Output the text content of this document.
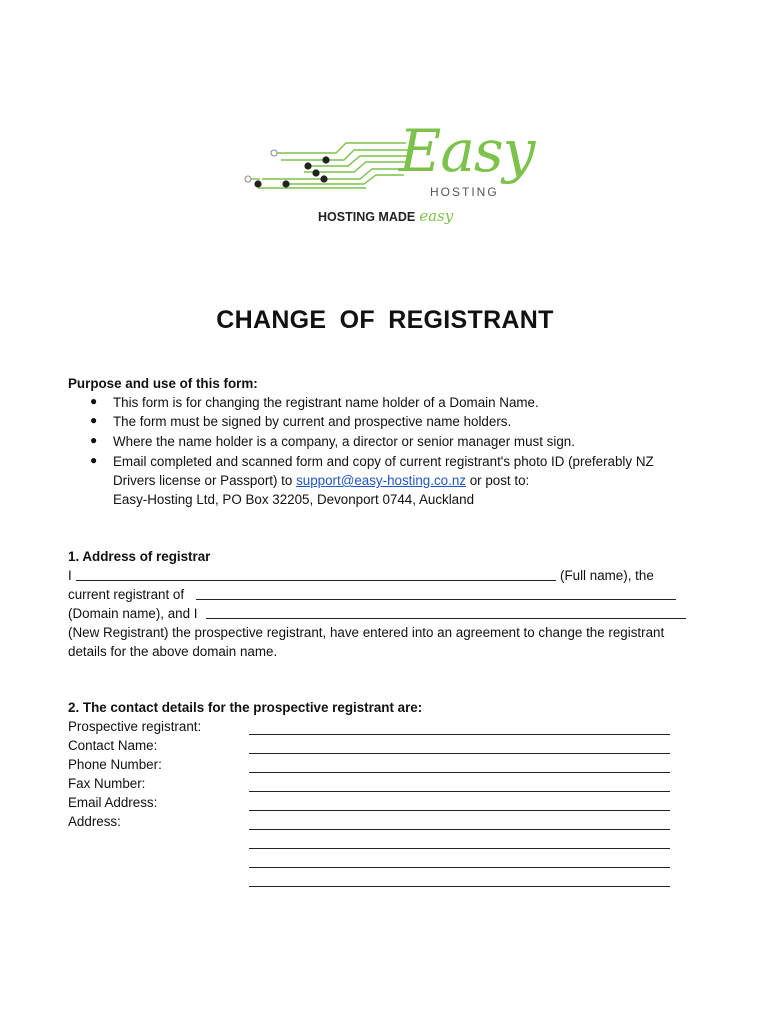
Easy
HOSTING
HOSTING MADE easy
CHANGE OF REGISTRANT
Purpose and use of this form:
● This form is for changing the registrant name holder of a Domain Name.
● The form must be signed by current and prospective name holders.
● Where the name holder is a company, a director or senior manager must sign.
● Email completed and scanned form and copy of current registrant's photo ID (preferably NZ
Drivers license or Passport) to support@easy-hosting.co.nz or post to:
Easy-Hosting Ltd, PO Box 32205, Devonport 0744, Auckland
1. Address of registrar
I	(Full name), the
current registrant of
(Domain name), and I
(New Registrant) the prospective registrant, have entered into an agreement to change the registrant
details for the above domain name.
2. The contact details for the prospective registrant are:
Prospective registrant:
Contact Name:
Phone Number:
Fax Number:
Email Address:
Address:
